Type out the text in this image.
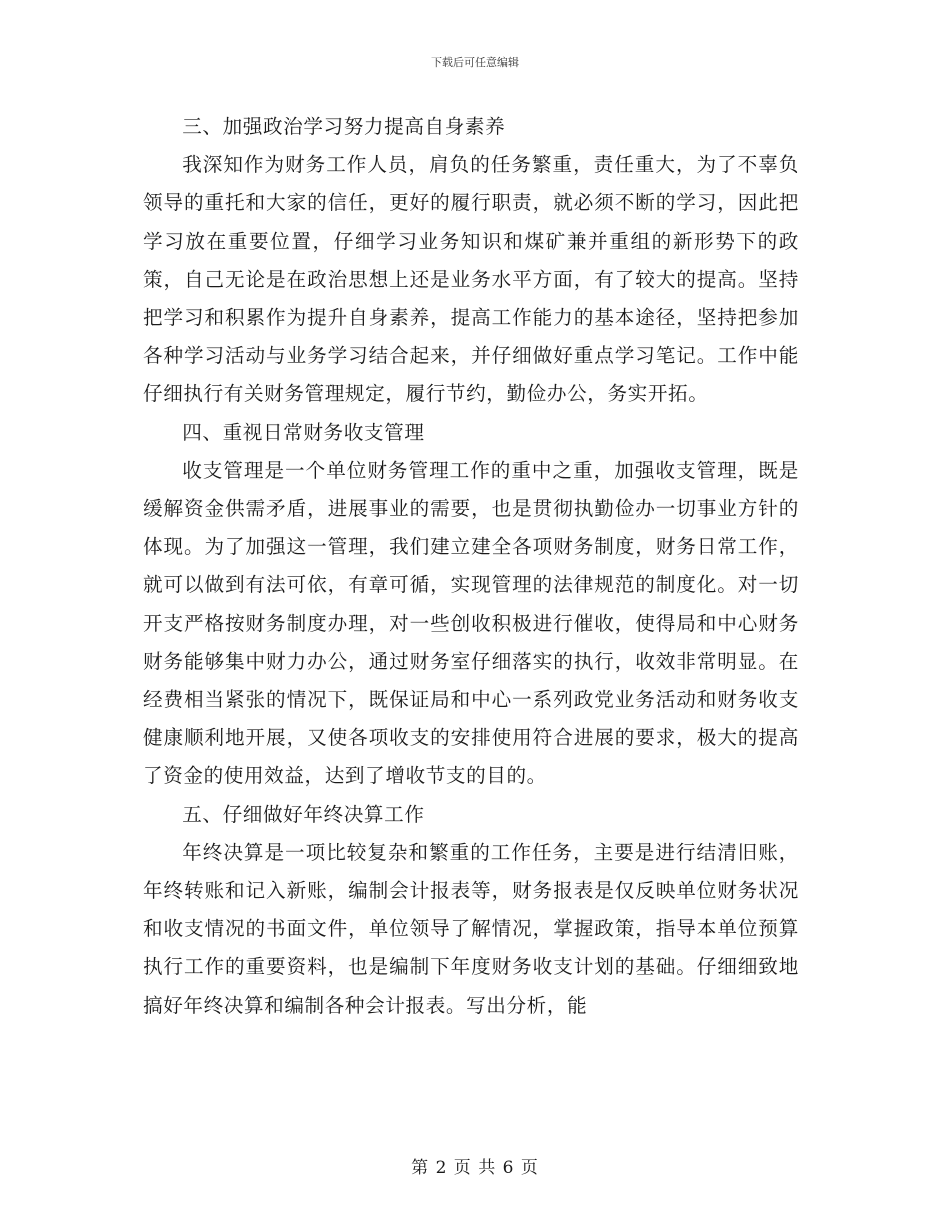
下载后可任意编辑

三、加强政治学习努力提高自身素养

我深知作为财务工作人员，肩负的任务繁重，责任重大，为了不辜负领导的重托和大家的信任，更好的履行职责，就必须不断的学习，因此把学习放在重要位置，仔细学习业务知识和煤矿兼并重组的新形势下的政策，自己无论是在政治思想上还是业务水平方面，有了较大的提高。坚持把学习和积累作为提升自身素养，提高工作能力的基本途径，坚持把参加各种学习活动与业务学习结合起来，并仔细做好重点学习笔记。工作中能仔细执行有关财务管理规定，履行节约，勤俭办公，务实开拓。

四、重视日常财务收支管理

收支管理是一个单位财务管理工作的重中之重，加强收支管理，既是缓解资金供需矛盾，进展事业的需要，也是贯彻执勤俭办一切事业方针的体现。为了加强这一管理，我们建立建全各项财务制度，财务日常工作，就可以做到有法可依，有章可循，实现管理的法律规范的制度化。对一切开支严格按财务制度办理，对一些创收积极进行催收，使得局和中心财务财务能够集中财力办公，通过财务室仔细落实的执行，收效非常明显。在经费相当紧张的情况下，既保证局和中心一系列政党业务活动和财务收支健康顺利地开展，又使各项收支的安排使用符合进展的要求，极大的提高了资金的使用效益，达到了增收节支的目的。

五、仔细做好年终决算工作

年终决算是一项比较复杂和繁重的工作任务，主要是进行结清旧账，年终转账和记入新账，编制会计报表等，财务报表是仅反映单位财务状况和收支情况的书面文件，单位领导了解情况，掌握政策，指导本单位预算执行工作的重要资料，也是编制下年度财务收支计划的基础。仔细细致地搞好年终决算和编制各种会计报表。写出分析，能

第 2 页 共 6 页
